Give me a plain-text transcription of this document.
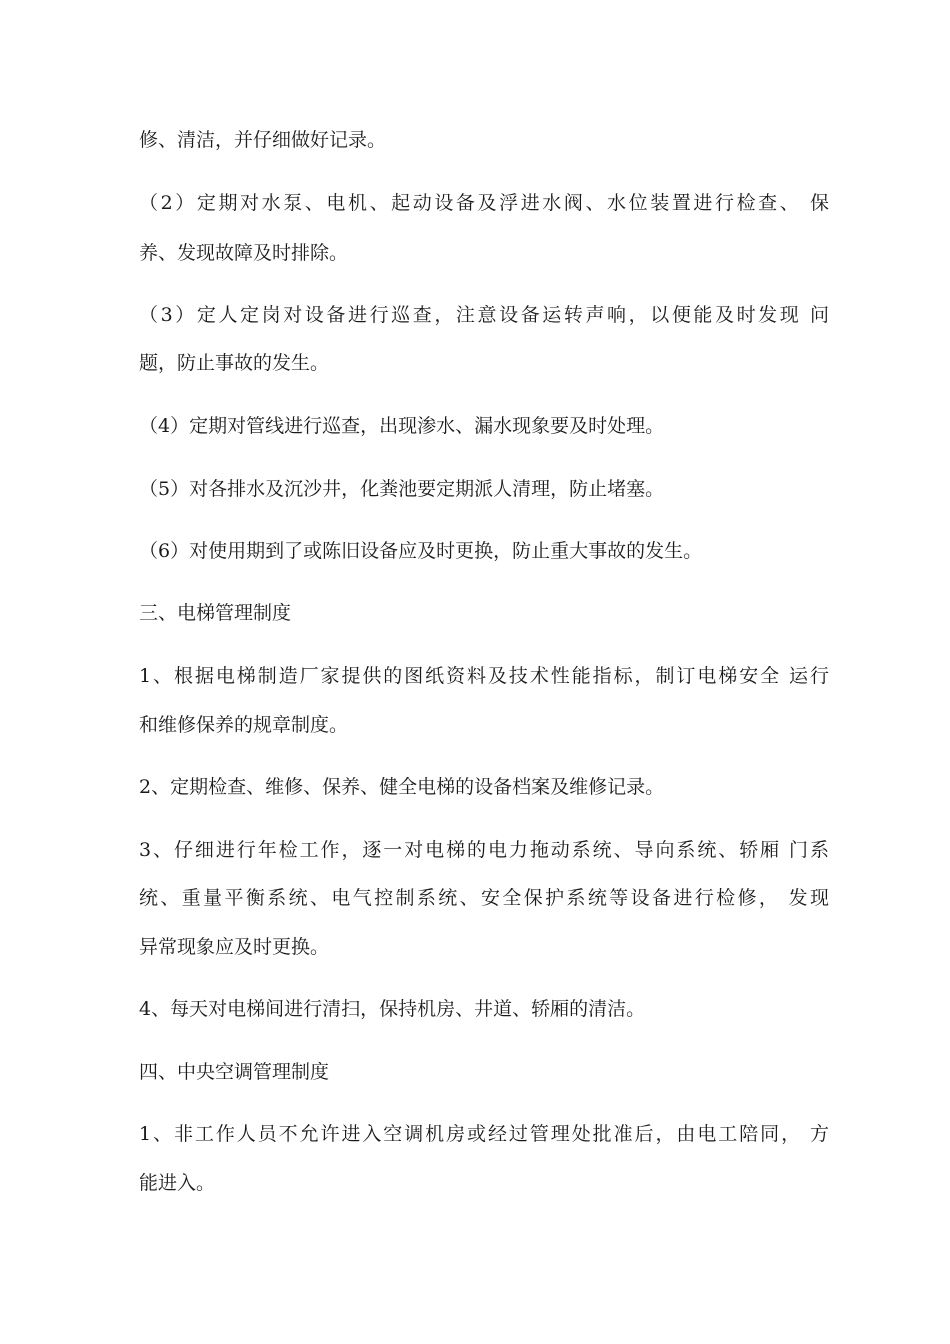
修、清洁，并仔细做好记录。
（2）定期对水泵、电机、起动设备及浮进水阀、水位装置进行检查、 保
养、发现故障及时排除。
（3）定人定岗对设备进行巡查，注意设备运转声响，以便能及时发现 问
题，防止事故的发生。
（4）定期对管线进行巡查，出现渗水、漏水现象要及时处理。
（5）对各排水及沉沙井，化粪池要定期派人清理，防止堵塞。
（6）对使用期到了或陈旧设备应及时更换，防止重大事故的发生。
三、电梯管理制度
1、根据电梯制造厂家提供的图纸资料及技术性能指标，制订电梯安全 运行
和维修保养的规章制度。
2、定期检查、维修、保养、健全电梯的设备档案及维修记录。
3、仔细进行年检工作，逐一对电梯的电力拖动系统、导向系统、轿厢 门系
统、重量平衡系统、电气控制系统、安全保护系统等设备进行检修， 发现
异常现象应及时更换。
4、每天对电梯间进行清扫，保持机房、井道、轿厢的清洁。
四、中央空调管理制度
1、非工作人员不允许进入空调机房或经过管理处批准后，由电工陪同， 方
能进入。
